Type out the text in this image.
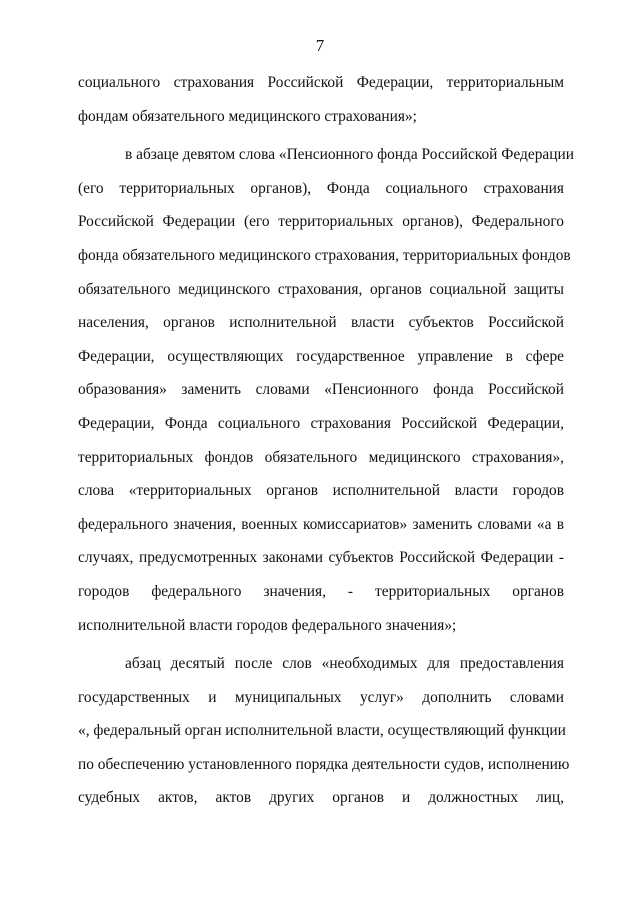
7
социального страхования Российской Федерации, территориальным
фондам обязательного медицинского страхования»;
в абзаце девятом слова «Пенсионного фонда Российской Федерации
(его территориальных органов), Фонда социального страхования
Российской Федерации (его территориальных органов), Федерального
фонда обязательного медицинского страхования, территориальных фондов
обязательного медицинского страхования, органов социальной защиты
населения, органов исполнительной власти субъектов Российской
Федерации, осуществляющих государственное управление в сфере
образования» заменить словами «Пенсионного фонда Российской
Федерации, Фонда социального страхования Российской Федерации,
территориальных фондов обязательного медицинского страхования»,
слова «территориальных органов исполнительной власти городов
федерального значения, военных комиссариатов» заменить словами «а в
случаях, предусмотренных законами субъектов Российской Федерации -
городов федерального значения, - территориальных органов
исполнительной власти городов федерального значения»;
абзац десятый после слов «необходимых для предоставления
государственных и муниципальных услуг» дополнить словами
«, федеральный орган исполнительной власти, осуществляющий функции
по обеспечению установленного порядка деятельности судов, исполнению
судебных актов, актов других органов и должностных лиц,
